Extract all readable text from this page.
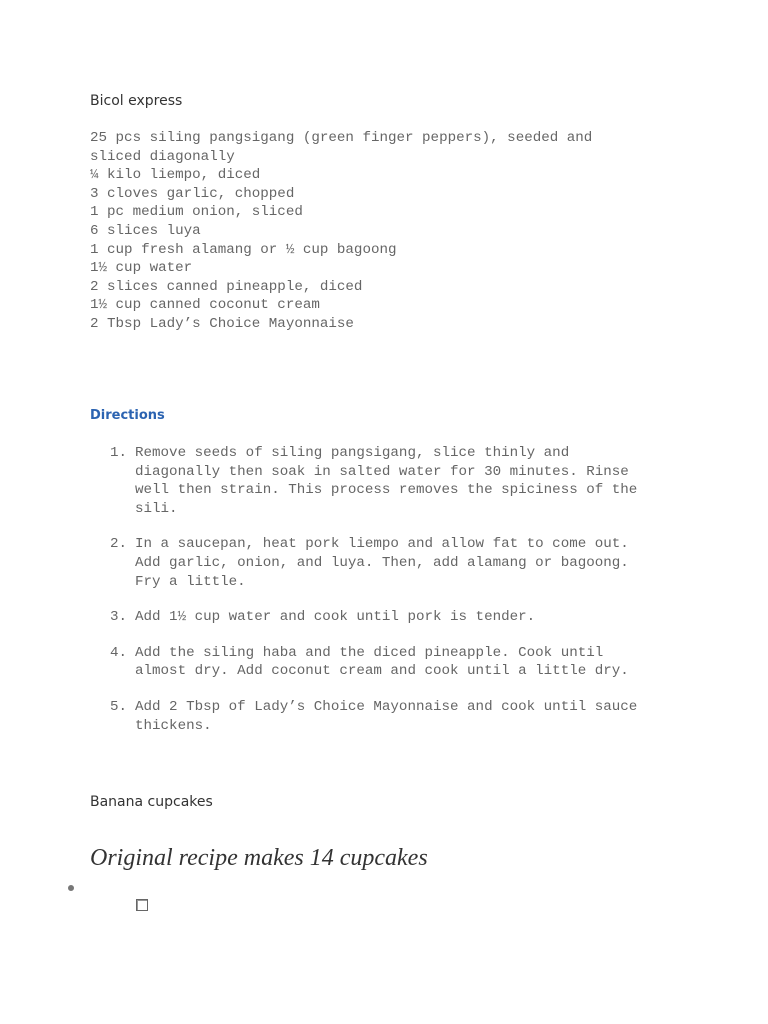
Bicol express
25 pcs siling pangsigang (green finger peppers), seeded and
sliced diagonally
¼ kilo liempo, diced
3 cloves garlic, chopped
1 pc medium onion, sliced
6 slices luya
1 cup fresh alamang or ½ cup bagoong
1½ cup water
2 slices canned pineapple, diced
1½ cup canned coconut cream
2 Tbsp Lady’s Choice Mayonnaise
Directions
1. Remove seeds of siling pangsigang, slice thinly and
diagonally then soak in salted water for 30 minutes. Rinse
well then strain. This process removes the spiciness of the
sili.
2. In a saucepan, heat pork liempo and allow fat to come out.
Add garlic, onion, and luya. Then, add alamang or bagoong.
Fry a little.
3. Add 1½ cup water and cook until pork is tender.
4. Add the siling haba and the diced pineapple. Cook until
almost dry. Add coconut cream and cook until a little dry.
5. Add 2 Tbsp of Lady’s Choice Mayonnaise and cook until sauce
thickens.
Banana cupcakes
Original recipe makes 14 cupcakes
